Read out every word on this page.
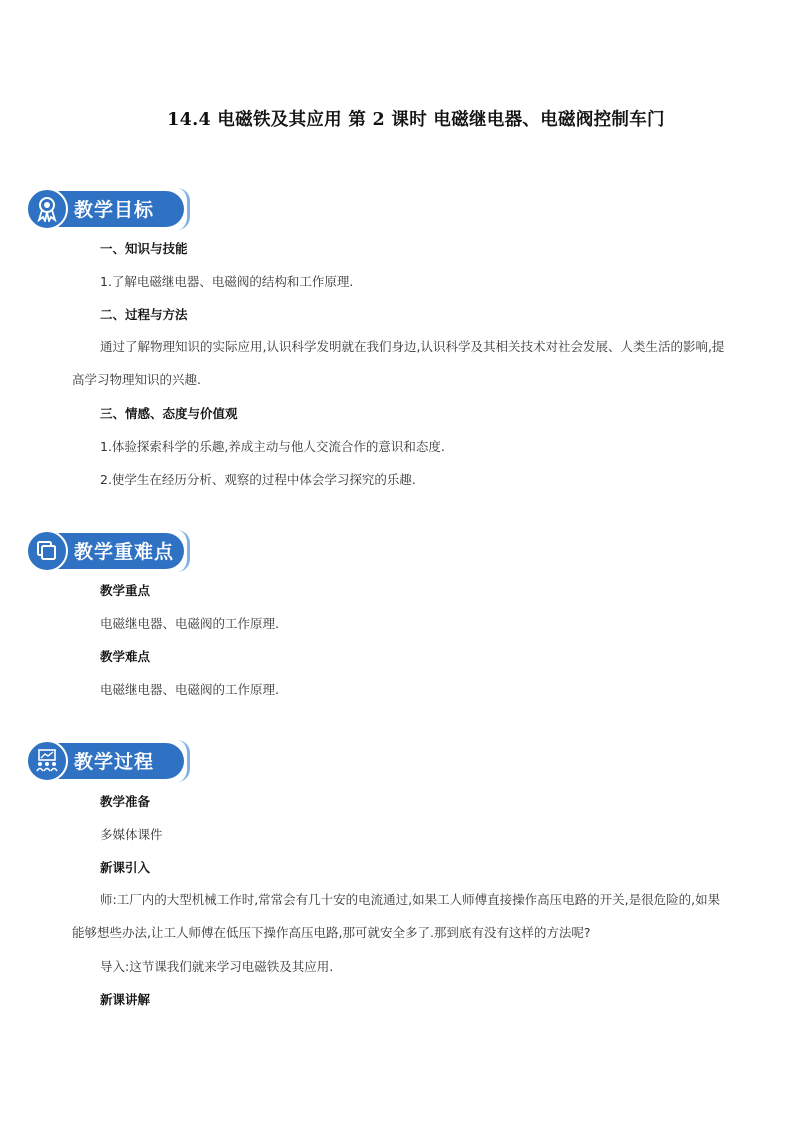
14.4 电磁铁及其应用 第 2 课时 电磁继电器、电磁阀控制车门
教学目标
一、知识与技能
1.了解电磁继电器、电磁阀的结构和工作原理.
二、过程与方法
通过了解物理知识的实际应用,认识科学发明就在我们身边,认识科学及其相关技术对社会发展、人类生活的影响,提高学习物理知识的兴趣.
三、情感、态度与价值观
1.体验探索科学的乐趣,养成主动与他人交流合作的意识和态度.
2.使学生在经历分析、观察的过程中体会学习探究的乐趣.
教学重难点
教学重点
电磁继电器、电磁阀的工作原理.
教学难点
电磁继电器、电磁阀的工作原理.
教学过程
教学准备
多媒体课件
新课引入
师:工厂内的大型机械工作时,常常会有几十安的电流通过,如果工人师傅直接操作高压电路的开关,是很危险的,如果能够想些办法,让工人师傅在低压下操作高压电路,那可就安全多了.那到底有没有这样的方法呢?
导入:这节课我们就来学习电磁铁及其应用.
新课讲解
